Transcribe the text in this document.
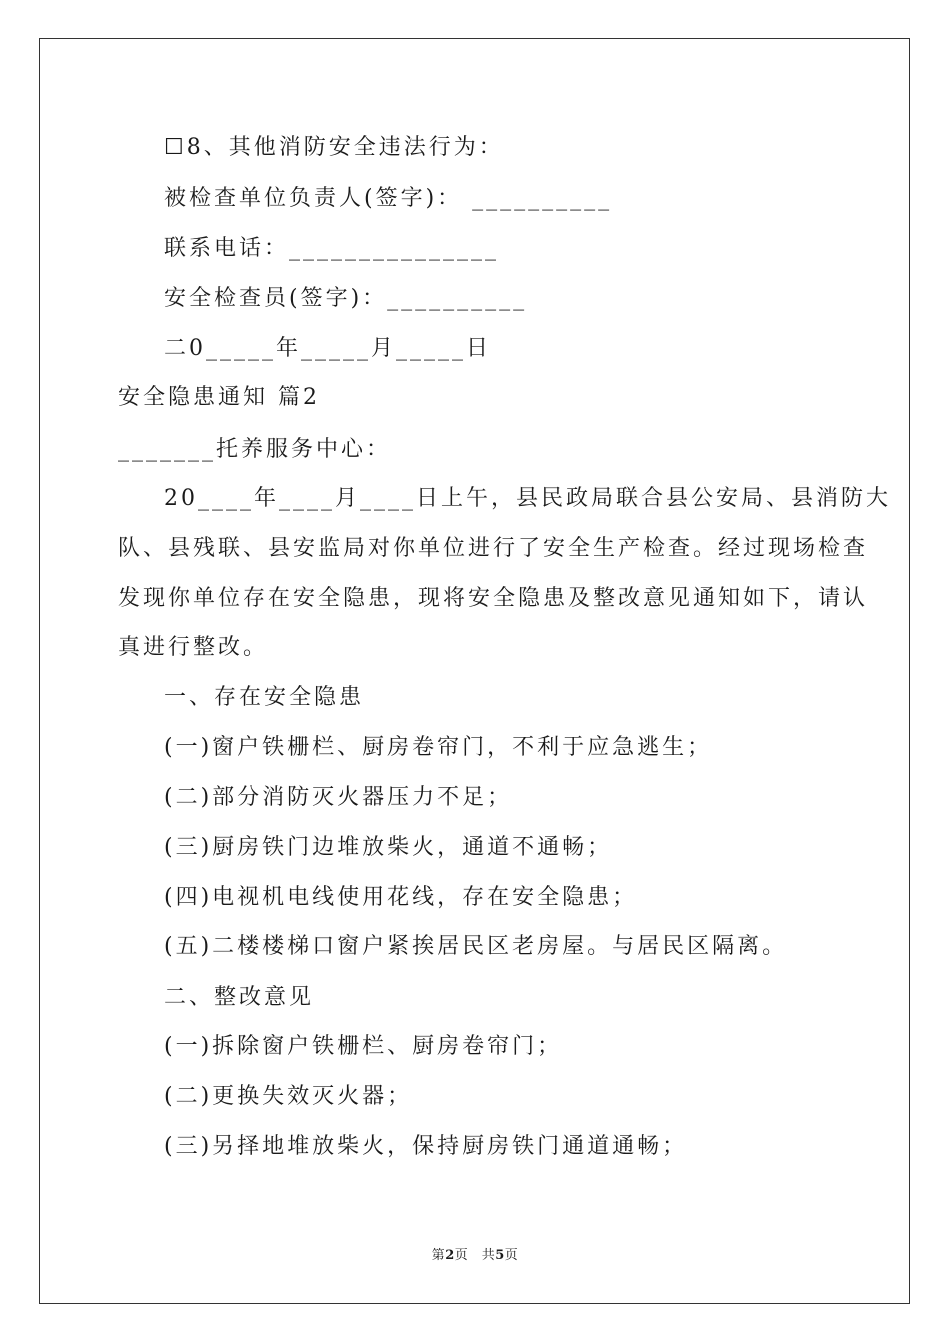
☐8、其他消防安全违法行为：

被检查单位负责人(签字)： __________

联系电话：_______________

安全检查员(签字)：__________

二0_____年_____月_____日

安全隐患通知 篇2

_______托养服务中心：

20____年____月____日上午，县民政局联合县公安局、县消防大

队、县残联、县安监局对你单位进行了安全生产检查。经过现场检查

发现你单位存在安全隐患，现将安全隐患及整改意见通知如下，请认

真进行整改。

一、存在安全隐患

(一)窗户铁栅栏、厨房卷帘门，不利于应急逃生；

(二)部分消防灭火器压力不足；

(三)厨房铁门边堆放柴火，通道不通畅；

(四)电视机电线使用花线，存在安全隐患；

(五)二楼楼梯口窗户紧挨居民区老房屋。与居民区隔离。

二、整改意见

(一)拆除窗户铁栅栏、厨房卷帘门；

(二)更换失效灭火器；

(三)另择地堆放柴火，保持厨房铁门通道通畅；

第2页　共5页
